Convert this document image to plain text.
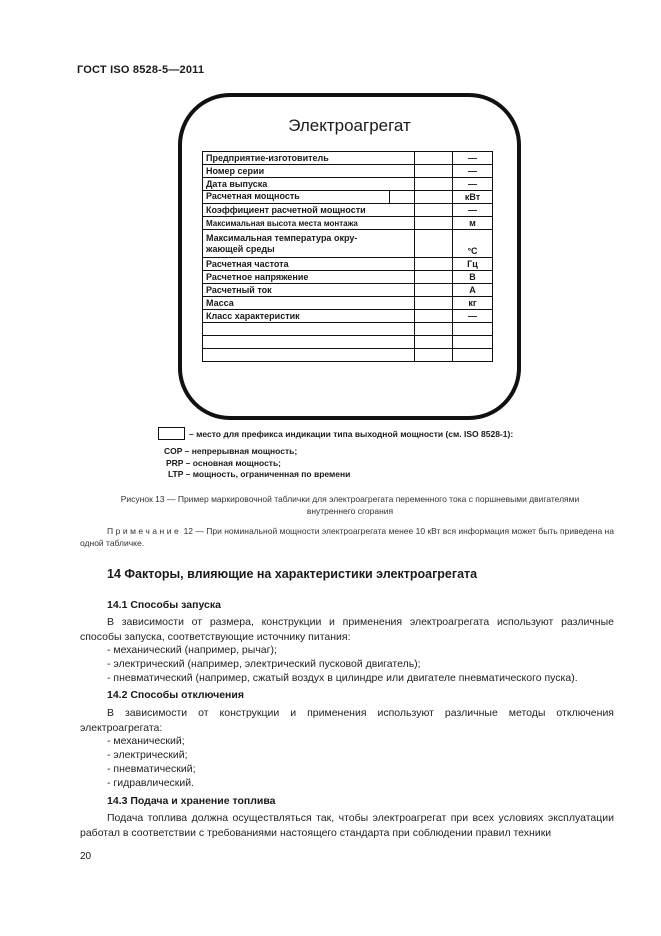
ГОСТ ISO 8528-5—2011
Электроагрегат
Предприятие-изготовитель		—
Номер серии		—
Дата выпуска		—

Расчетная мощность		кВт
Коэффициент расчетной мощности		—
Максимальная высота места монтажа		м

Максимальная температура окру-
жающей среды		°С
Расчетная частота		Гц
Расчетное напряжение		В
Расчетный ток		А
Масса		кг
Класс характеристик		—

– место для префикса индикации типа выходной мощности (см. ISO 8528-1):
COP – непрерывная мощность;
PRP – основная мощность;
LTP – мощность, ограниченная по времени
Рисунок 13 — Пример маркировочной таблички для электроагрегата переменного тока с поршневыми двигателями
внутреннего сгорания
Примечание 12 — При номинальной мощности электроагрегата менее 10 кВт вся информация может быть приведена на одной табличке.
14 Факторы, влияющие на характеристики электроагрегата
14.1 Способы запуска
В зависимости от размера, конструкции и применения электроагрегата используют различные способы запуска, соответствующие источнику питания:
- механический (например, рычаг);
- электрический (например, электрический пусковой двигатель);
- пневматический (например, сжатый воздух в цилиндре или двигателе пневматического пуска).
14.2 Способы отключения
В зависимости от конструкции и применения используют различные методы отключения электроагрегата:
- механический;
- электрический;
- пневматический;
- гидравлический.
14.3 Подача и хранение топлива
Подача топлива должна осуществляться так, чтобы электроагрегат при всех условиях эксплуатации работал в соответствии с требованиями настоящего стандарта при соблюдении правил техники
20
